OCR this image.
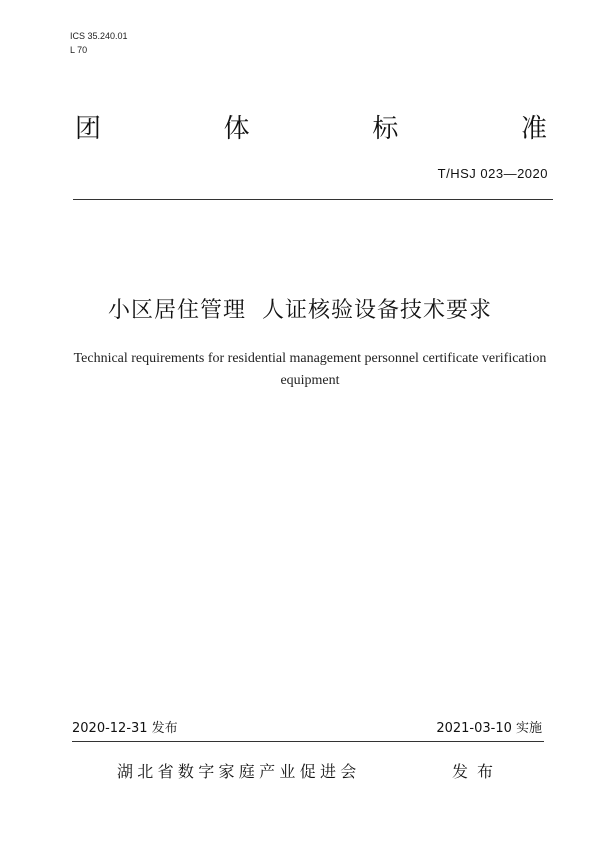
ICS 35.240.01
L 70
团	体	标	准
T/HSJ 023—2020
小区居住管理  人证核验设备技术要求
Technical requirements for residential management personnel certificate verification equipment
2020-12-31 发布	2021-03-10 实施
湖北省数字家庭产业促进会	发布
